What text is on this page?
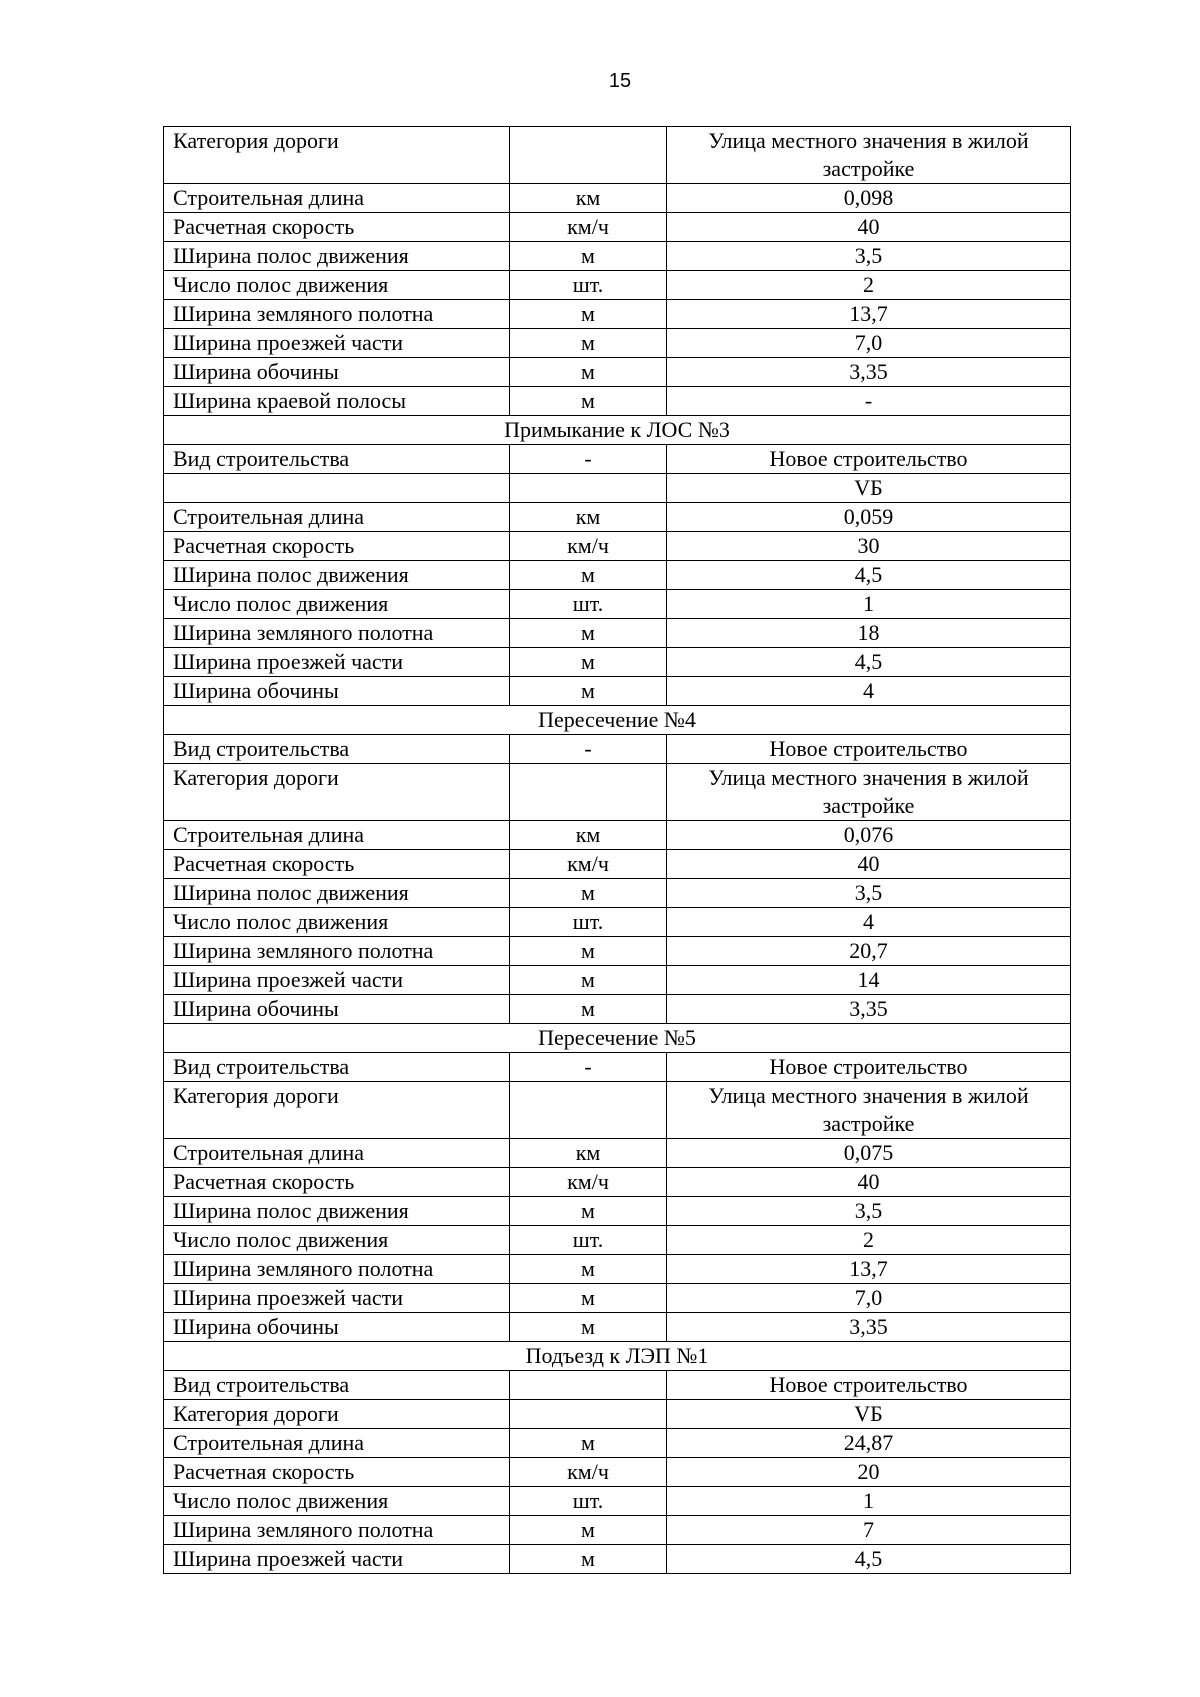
15
Категория дороги		Улица местного значения в жилой застройке
Строительная длина	км	0,098
Расчетная скорость	км/ч	40
Ширина полос движения	м	3,5
Число полос движения	шт.	2
Ширина земляного полотна	м	13,7
Ширина проезжей части	м	7,0
Ширина обочины	м	3,35
Ширина краевой полосы	м	-
Примыкание к ЛОС №3		
Вид строительства	-	Новое строительство
		VБ
Строительная длина	км	0,059
Расчетная скорость	км/ч	30
Ширина полос движения	м	4,5
Число полос движения	шт.	1
Ширина земляного полотна	м	18
Ширина проезжей части	м	4,5
Ширина обочины	м	4
Пересечение №4		
Вид строительства	-	Новое строительство
Категория дороги		Улица местного значения в жилой застройке
Строительная длина	км	0,076
Расчетная скорость	км/ч	40
Ширина полос движения	м	3,5
Число полос движения	шт.	4
Ширина земляного полотна	м	20,7
Ширина проезжей части	м	14
Ширина обочины	м	3,35
Пересечение №5		
Вид строительства	-	Новое строительство
Категория дороги		Улица местного значения в жилой застройке
Строительная длина	км	0,075
Расчетная скорость	км/ч	40
Ширина полос движения	м	3,5
Число полос движения	шт.	2
Ширина земляного полотна	м	13,7
Ширина проезжей части	м	7,0
Ширина обочины	м	3,35
Подъезд к ЛЭП №1		
Вид строительства		Новое строительство
Категория дороги		VБ
Строительная длина	м	24,87
Расчетная скорость	км/ч	20
Число полос движения	шт.	1
Ширина земляного полотна	м	7
Ширина проезжей части	м	4,5
